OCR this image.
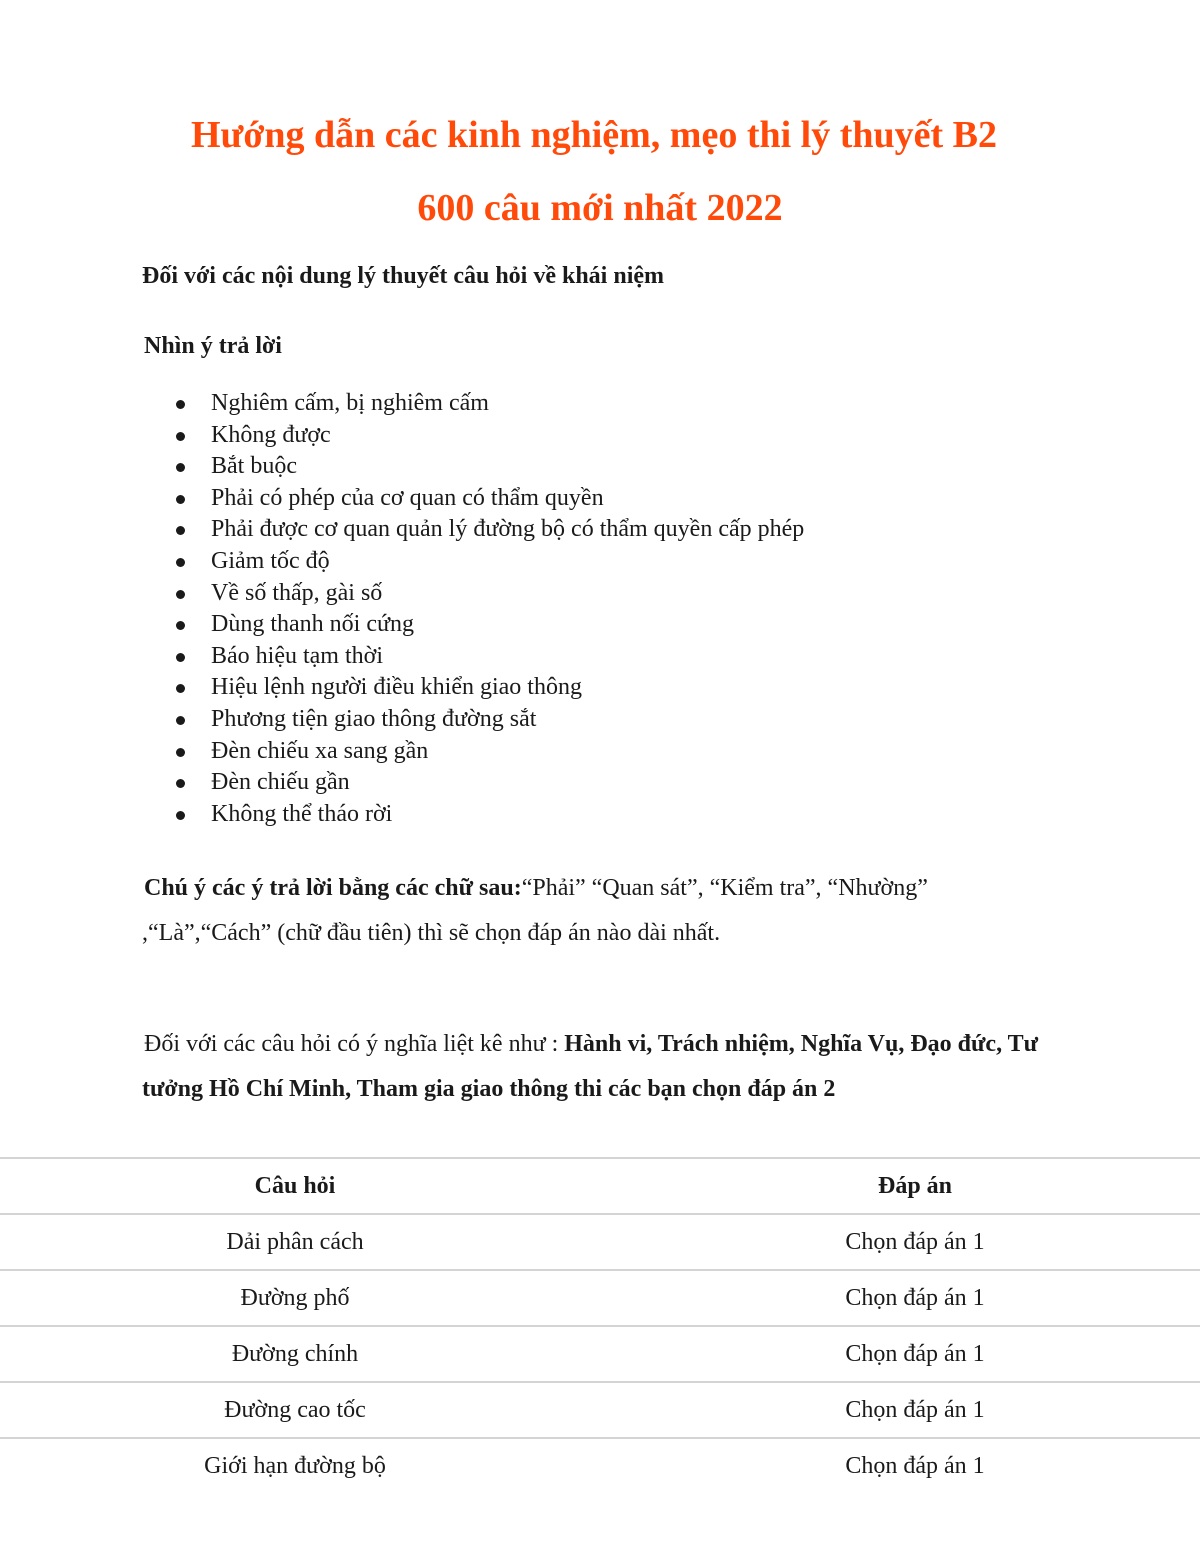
Hướng dẫn các kinh nghiệm, mẹo thi lý thuyết B2
600 câu mới nhất 2022
Đối với các nội dung lý thuyết câu hỏi về khái niệm
Nhìn ý trả lời
Nghiêm cấm, bị nghiêm cấm
Không được
Bắt buộc
Phải có phép của cơ quan có thẩm quyền
Phải được cơ quan quản lý đường bộ có thẩm quyền cấp phép
Giảm tốc độ
Về số thấp, gài số
Dùng thanh nối cứng
Báo hiệu tạm thời
Hiệu lệnh người điều khiển giao thông
Phương tiện giao thông đường sắt
Đèn chiếu xa sang gần
Đèn chiếu gần
Không thể tháo rời
Chú ý các ý trả lời bằng các chữ sau:“Phải” “Quan sát”, “Kiểm tra”, “Nhường” ,“Là”,“Cách” (chữ đầu tiên) thì sẽ chọn đáp án nào dài nhất.
Đối với các câu hỏi có ý nghĩa liệt kê như : Hành vi, Trách nhiệm, Nghĩa Vụ, Đạo đức, Tư tưởng Hồ Chí Minh, Tham gia giao thông thi các bạn chọn đáp án 2
Câu hỏi	Đáp án
Dải phân cách	Chọn đáp án 1
Đường phố	Chọn đáp án 1
Đường chính	Chọn đáp án 1
Đường cao tốc	Chọn đáp án 1
Giới hạn đường bộ	Chọn đáp án 1
